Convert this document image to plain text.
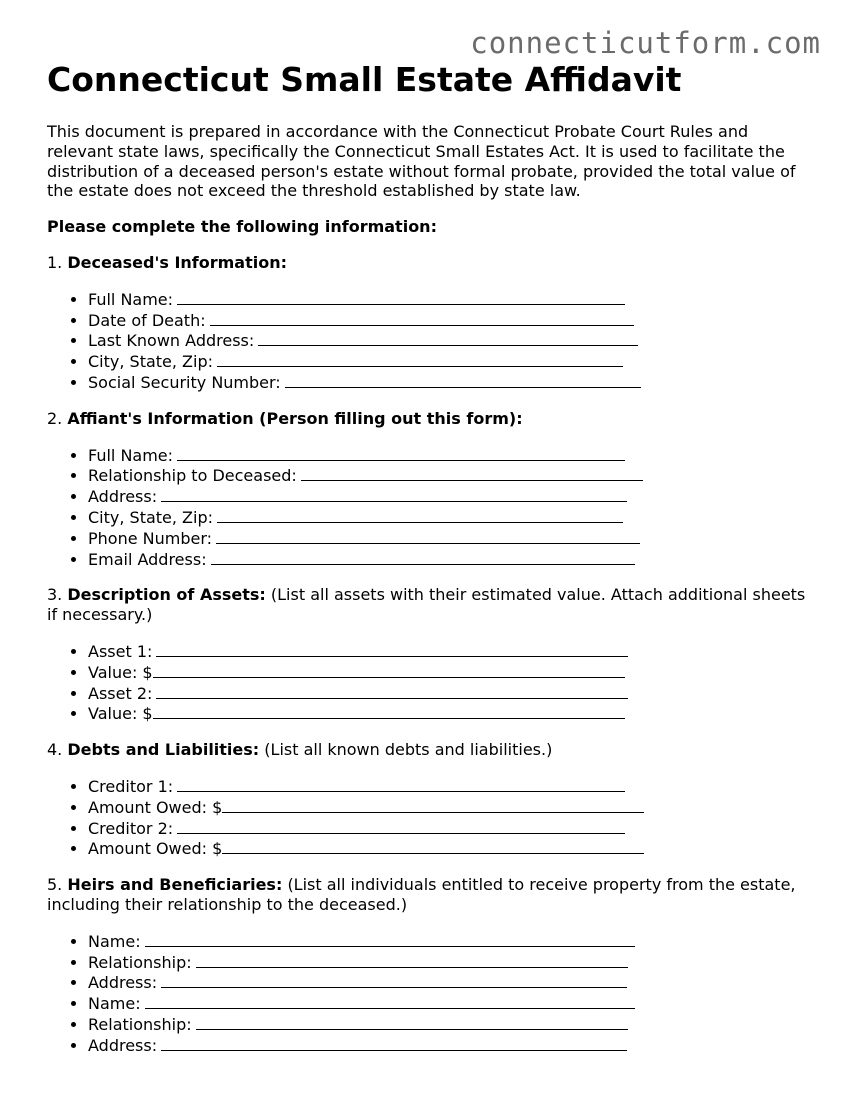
connecticutform.com

Connecticut Small Estate Affidavit

This document is prepared in accordance with the Connecticut Probate Court Rules and relevant state laws, specifically the Connecticut Small Estates Act. It is used to facilitate the distribution of a deceased person's estate without formal probate, provided the total value of the estate does not exceed the threshold established by state law.

Please complete the following information:

1. Deceased's Information:

• Full Name:
• Date of Death:
• Last Known Address:
• City, State, Zip:
• Social Security Number:

2. Affiant's Information (Person filling out this form):

• Full Name:
• Relationship to Deceased:
• Address:
• City, State, Zip:
• Phone Number:
• Email Address:

3. Description of Assets: (List all assets with their estimated value. Attach additional sheets if necessary.)

• Asset 1:
• Value: $
• Asset 2:
• Value: $

4. Debts and Liabilities: (List all known debts and liabilities.)

• Creditor 1:
• Amount Owed: $
• Creditor 2:
• Amount Owed: $

5. Heirs and Beneficiaries: (List all individuals entitled to receive property from the estate, including their relationship to the deceased.)

• Name:
• Relationship:
• Address:
• Name:
• Relationship:
• Address:
